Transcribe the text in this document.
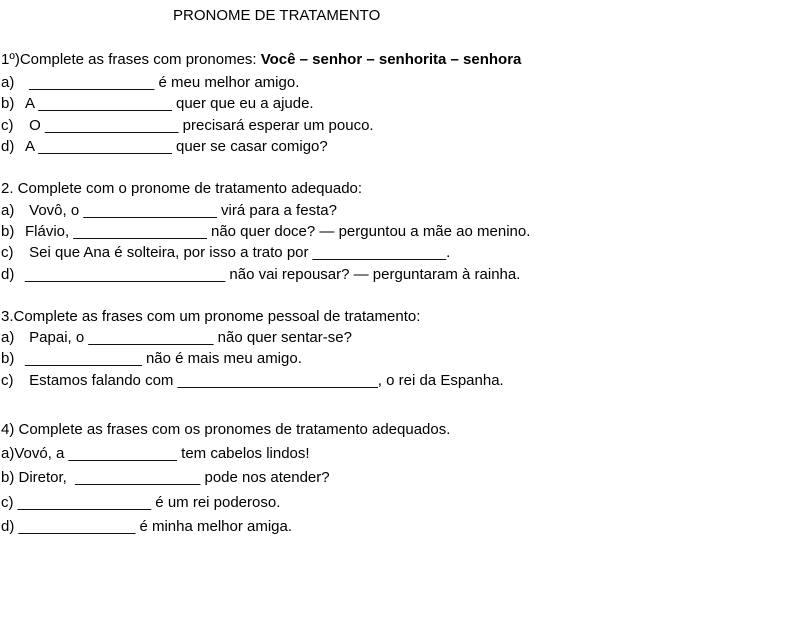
PRONOME DE TRATAMENTO
1º)Complete as frases com pronomes: Você – senhor – senhorita – senhora
a) _______________ é meu melhor amigo.
b) A ________________ quer que eu a ajude.
c) O ________________ precisará esperar um pouco.
d) A ________________ quer se casar comigo?
2. Complete com o pronome de tratamento adequado:
a) Vovô, o ________________ virá para a festa?
b) Flávio, ________________ não quer doce? — perguntou a mãe ao menino.
c) Sei que Ana é solteira, por isso a trato por ________________.
d) ________________________ não vai repousar? — perguntaram à rainha.
3.Complete as frases com um pronome pessoal de tratamento:
a) Papai, o _______________ não quer sentar-se?
b) ______________ não é mais meu amigo.
c) Estamos falando com ________________________, o rei da Espanha.
4) Complete as frases com os pronomes de tratamento adequados.
a)Vovó, a _____________ tem cabelos lindos!
b) Diretor,  _______________ pode nos atender?
c) ________________ é um rei poderoso.
d) ______________ é minha melhor amiga.
